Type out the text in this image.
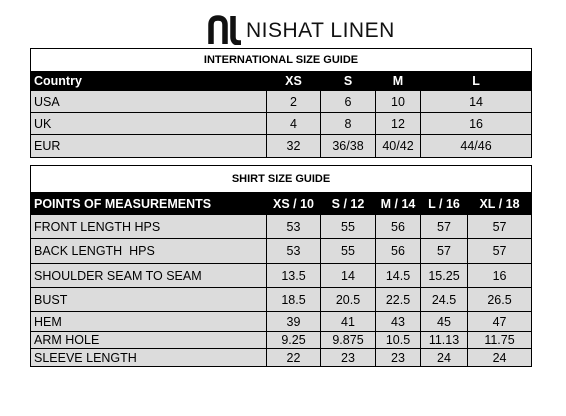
NISHAT LINEN
INTERNATIONAL SIZE GUIDE				
Country	XS	S	M	L
USA	2	6	10	14
UK	4	8	12	16
EUR	32	36/38	40/42	44/46
SHIRT SIZE GUIDE					
POINTS OF MEASUREMENTS	XS / 10	S / 12	M / 14	L / 16	XL / 18
FRONT LENGTH HPS	53	55	56	57	57
BACK LENGTH  HPS	53	55	56	57	57
SHOULDER SEAM TO SEAM	13.5	14	14.5	15.25	16
BUST	18.5	20.5	22.5	24.5	26.5
HEM	39	41	43	45	47
ARM HOLE	9.25	9.875	10.5	11.13	11.75
SLEEVE LENGTH	22	23	23	24	24
